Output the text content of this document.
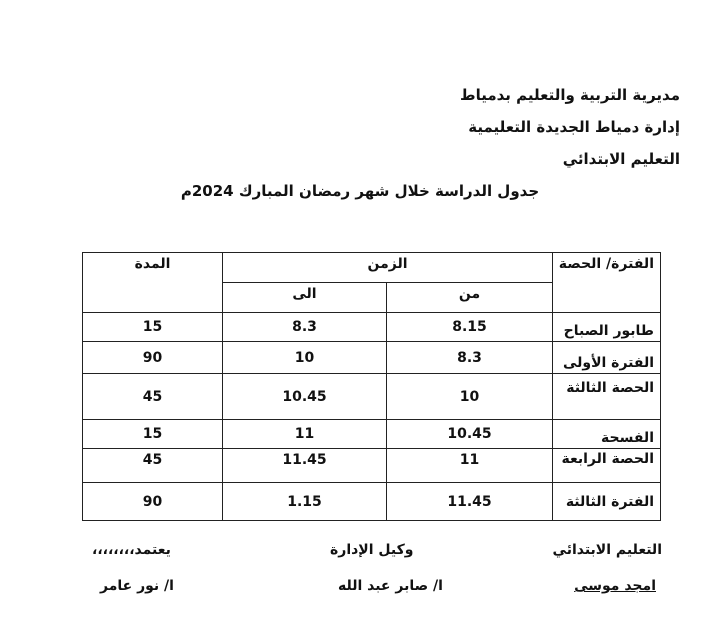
مديرية التربية والتعليم بدمياط
إدارة دمياط الجديدة التعليمية
التعليم الابتدائي
جدول الدراسة خلال شهر رمضان المبارك 2024م
الفترة/ الحصة	الزمن		المدة
	من	الى	
طابور الصباح	8.15	8.3	15
الفترة الأولى	8.3	10	90
الحصة الثالثة	10	10.45	45
الفسحة	10.45	11	15
الحصة الرابعة	11	11.45	45
الفترة الثالثة	11.45	1.15	90
التعليم الابتدائي
امجد موسى
وكيل الإدارة
ا/ صابر عبد الله
يعتمد،،،،،،،،
ا/ نور عامر
